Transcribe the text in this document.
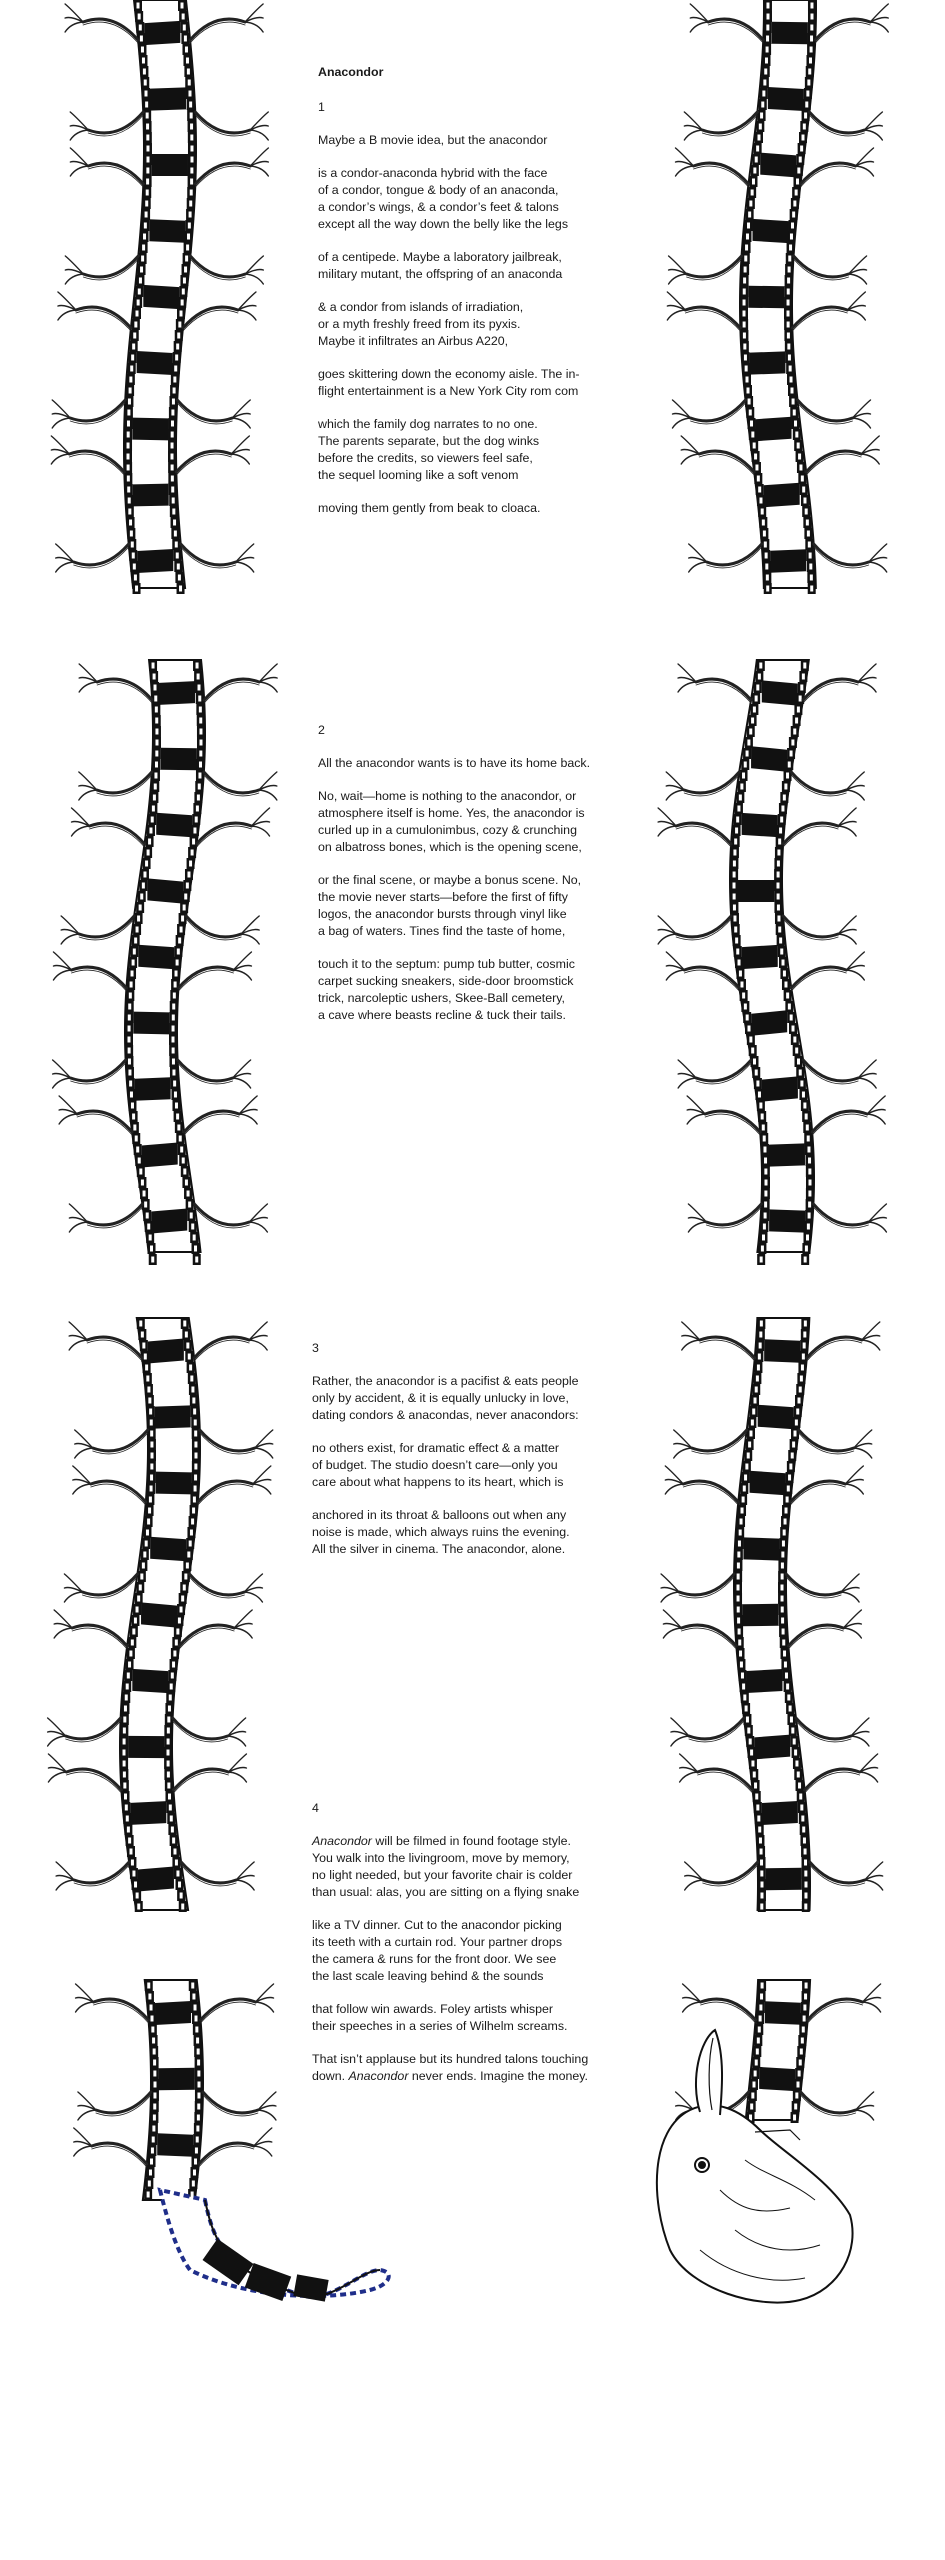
Anacondor

1

Maybe a B movie idea, but the anacondor

is a condor-anaconda hybrid with the face
of a condor, tongue & body of an anaconda,
a condor’s wings, & a condor’s feet & talons
except all the way down the belly like the legs

of a centipede. Maybe a laboratory jailbreak,
military mutant, the offspring of an anaconda

& a condor from islands of irradiation,
or a myth freshly freed from its pyxis.
Maybe it infiltrates an Airbus A220,

goes skittering down the economy aisle. The in-
flight entertainment is a New York City rom com

which the family dog narrates to no one.
The parents separate, but the dog winks
before the credits, so viewers feel safe,
the sequel looming like a soft venom

moving them gently from beak to cloaca.

2

All the anacondor wants is to have its home back.

No, wait—home is nothing to the anacondor, or
atmosphere itself is home. Yes, the anacondor is
curled up in a cumulonimbus, cozy & crunching
on albatross bones, which is the opening scene,

or the final scene, or maybe a bonus scene. No,
the movie never starts—before the first of fifty
logos, the anacondor bursts through vinyl like
a bag of waters. Tines find the taste of home,

touch it to the septum: pump tub butter, cosmic
carpet sucking sneakers, side-door broomstick
trick, narcoleptic ushers, Skee-Ball cemetery,
a cave where beasts recline & tuck their tails.

3

Rather, the anacondor is a pacifist & eats people
only by accident, & it is equally unlucky in love,
dating condors & anacondas, never anacondors:

no others exist, for dramatic effect & a matter
of budget. The studio doesn’t care—only you
care about what happens to its heart, which is

anchored in its throat & balloons out when any
noise is made, which always ruins the evening.
All the silver in cinema. The anacondor, alone.

4

Anacondor will be filmed in found footage style.
You walk into the livingroom, move by memory,
no light needed, but your favorite chair is colder
than usual: alas, you are sitting on a flying snake

like a TV dinner. Cut to the anacondor picking
its teeth with a curtain rod. Your partner drops
the camera & runs for the front door. We see
the last scale leaving behind & the sounds

that follow win awards. Foley artists whisper
their speeches in a series of Wilhelm screams.

That isn’t applause but its hundred talons touching
down. Anacondor never ends. Imagine the money.
